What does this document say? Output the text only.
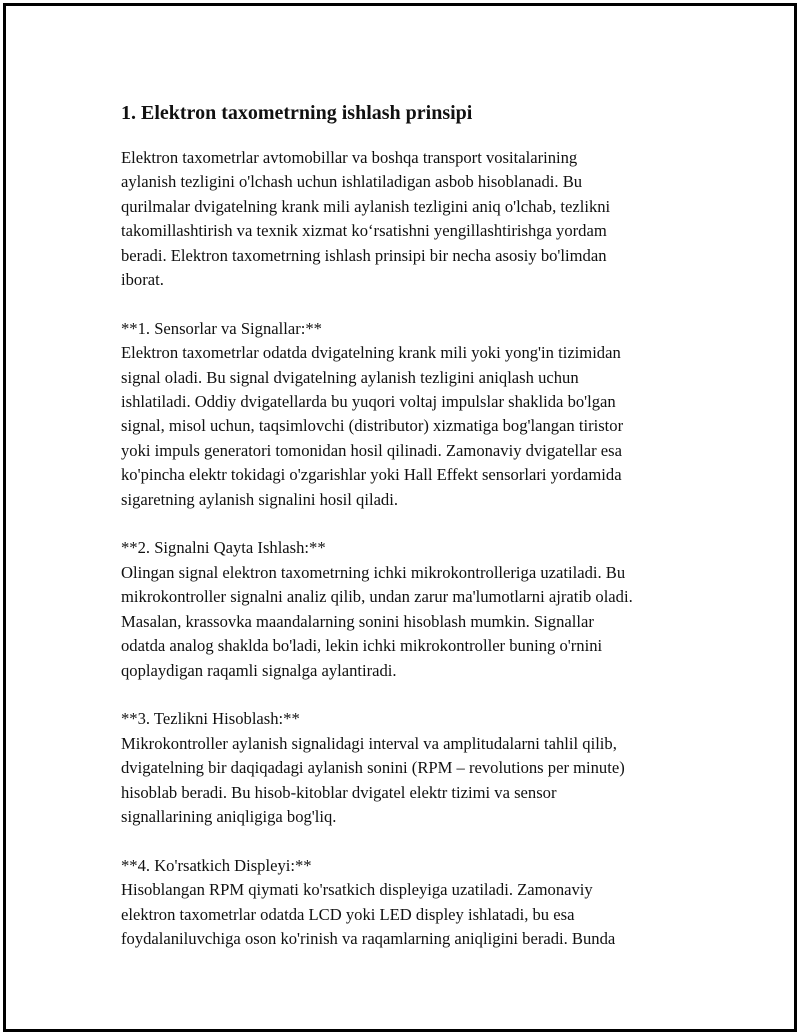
1. Elektron taxometrning ishlash prinsipi

Elektron taxometrlar avtomobillar va boshqa transport vositalarining
aylanish tezligini o'lchash uchun ishlatiladigan asbob hisoblanadi. Bu
qurilmalar dvigatelning krank mili aylanish tezligini aniq o'lchab, tezlikni
takomillashtirish va texnik xizmat koʻrsatishni yengillashtirishga yordam
beradi. Elektron taxometrning ishlash prinsipi bir necha asosiy bo'limdan
iborat.

**1. Sensorlar va Signallar:**

Elektron taxometrlar odatda dvigatelning krank mili yoki yong'in tizimidan
signal oladi. Bu signal dvigatelning aylanish tezligini aniqlash uchun
ishlatiladi. Oddiy dvigatellarda bu yuqori voltaj impulslar shaklida bo'lgan
signal, misol uchun, taqsimlovchi (distributor) xizmatiga bog'langan tiristor
yoki impuls generatori tomonidan hosil qilinadi. Zamonaviy dvigatellar esa
ko'pincha elektr tokidagi o'zgarishlar yoki Hall Effekt sensorlari yordamida
sigaretning aylanish signalini hosil qiladi.

**2. Signalni Qayta Ishlash:**

Olingan signal elektron taxometrning ichki mikrokontrolleriga uzatiladi. Bu
mikrokontroller signalni analiz qilib, undan zarur ma'lumotlarni ajratib oladi.
Masalan, krassovka maandalarning sonini hisoblash mumkin. Signallar
odatda analog shaklda bo'ladi, lekin ichki mikrokontroller buning o'rnini
qoplaydigan raqamli signalga aylantiradi.

**3. Tezlikni Hisoblash:**

Mikrokontroller aylanish signalidagi interval va amplitudalarni tahlil qilib,
dvigatelning bir daqiqadagi aylanish sonini (RPM – revolutions per minute)
hisoblab beradi. Bu hisob-kitoblar dvigatel elektr tizimi va sensor
signallarining aniqligiga bog'liq.

**4. Ko'rsatkich Displeyi:**

Hisoblangan RPM qiymati ko'rsatkich displeyiga uzatiladi. Zamonaviy
elektron taxometrlar odatda LCD yoki LED displey ishlatadi, bu esa
foydalaniluvchiga oson ko'rinish va raqamlarning aniqligini beradi. Bunda
